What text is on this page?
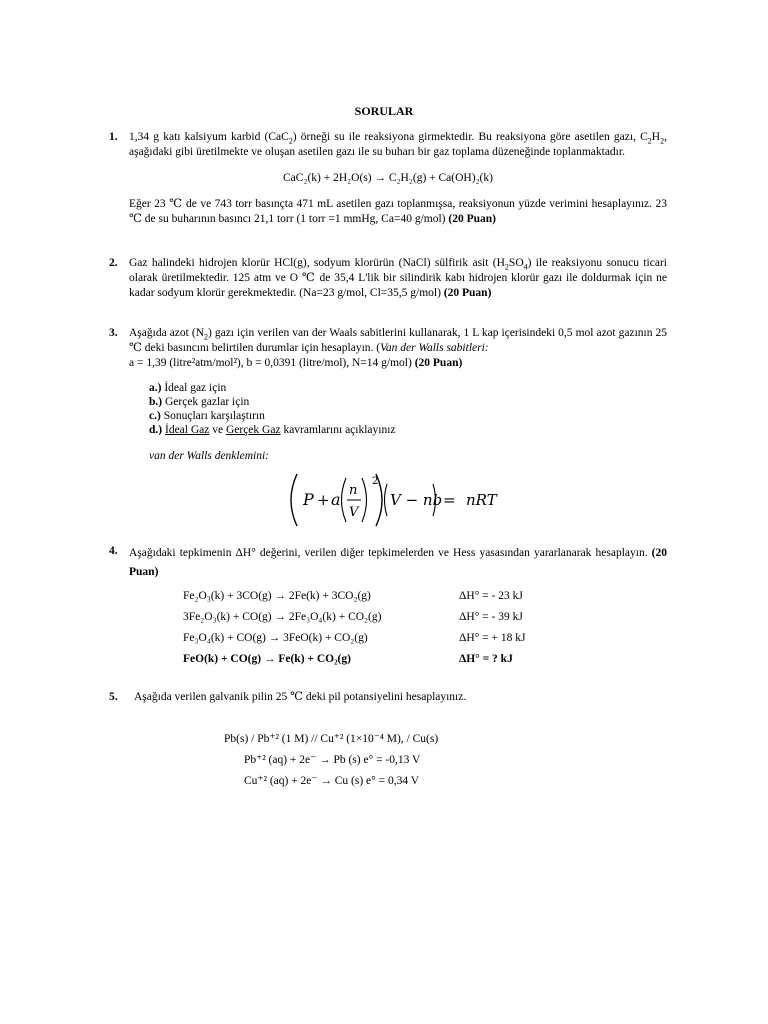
SORULAR
1. 1,34 g katı kalsiyum karbid (CaC$_2$) örneği su ile reaksiyona girmektedir. Bu reaksiyona göre asetilen gazı, $C_2H_2$, aşağıdaki gibi üretilmekte ve oluşan asetilen gazı ile su buharı bir gaz toplama düzeneğinde toplanmaktadır.
CaC₂(k) + 2H₂O(s) → C₂H₂(g) + Ca(OH)₂(k)
Eğer 23 ℃ de ve 743 torr basınçta 471 mL asetilen gazı toplanmışsa, reaksiyonun yüzde verimini hesaplayınız. 23 ℃ de su buharının basıncı 21,1 torr (1 torr =1 mmHg, Ca=40 g/mol) (20 Puan)
2. Gaz halindeki hidrojen klorür HCl(g), sodyum klorürün (NaCl) sülfirik asit $(H_2SO_4)$ ile reaksiyonu sonucu ticari olarak üretilmektedir. 125 atm ve O ℃ de 35,4 L'lik bir silindirik kabı hidrojen klorür gazı ile doldurmak için ne kadar sodyum klorür gerekmektedir. (Na=23 g/mol, Cl=35,5 g/mol) (20 Puan)
3. Aşağıda azot $(N_2)$ gazı için verilen van der Waals sabitlerini kullanarak, 1 L kap içerisindeki 0,5 mol azot gazının 25 ℃ deki basıncını belirtilen durumlar için hesaplayın. (Van der Walls sabitleri:
a = 1,39 (litre²atm/mol²), b = 0,0391 (litre/mol), N=14 g/mol) (20 Puan)
a.) İdeal gaz için
b.) Gerçek gazlar için
c.) Sonuçları karşılaştırın
d.) İdeal Gaz ve Gerçek Gaz kavramlarını açıklayınız
van der Walls denklemini:
P + a n
V
2
V − nb = nRT
4. Aşağıdaki tepkimenin ΔH° değerini, verilen diğer tepkimelerden ve Hess yasasından yararlanarak hesaplayın. (20 Puan)
Fe₂O₃(k) + 3CO(g) → 2Fe(k) + 3CO₂(g)	ΔH° = - 23 kJ
3Fe₂O₃(k) + CO(g) → 2Fe₃O₄(k) + CO₂(g)	ΔH° = - 39 kJ
Fe₃O₄(k) + CO(g) → 3FeO(k) + CO₂(g)	ΔH° = + 18 kJ
FeO(k) + CO(g) → Fe(k) + CO₂(g)	ΔH° = ? kJ
5. Aşağıda verilen galvanik pilin 25 ℃ deki pil potansiyelini hesaplayınız.
Pb(s) / Pb⁺² (1 M) // Cu⁺² (1×10⁻⁴ M), / Cu(s)
Pb⁺² (aq) + 2e⁻ → Pb (s) e° = -0,13 V
Cu⁺² (aq) + 2e⁻ → Cu (s) e° = 0,34 V
